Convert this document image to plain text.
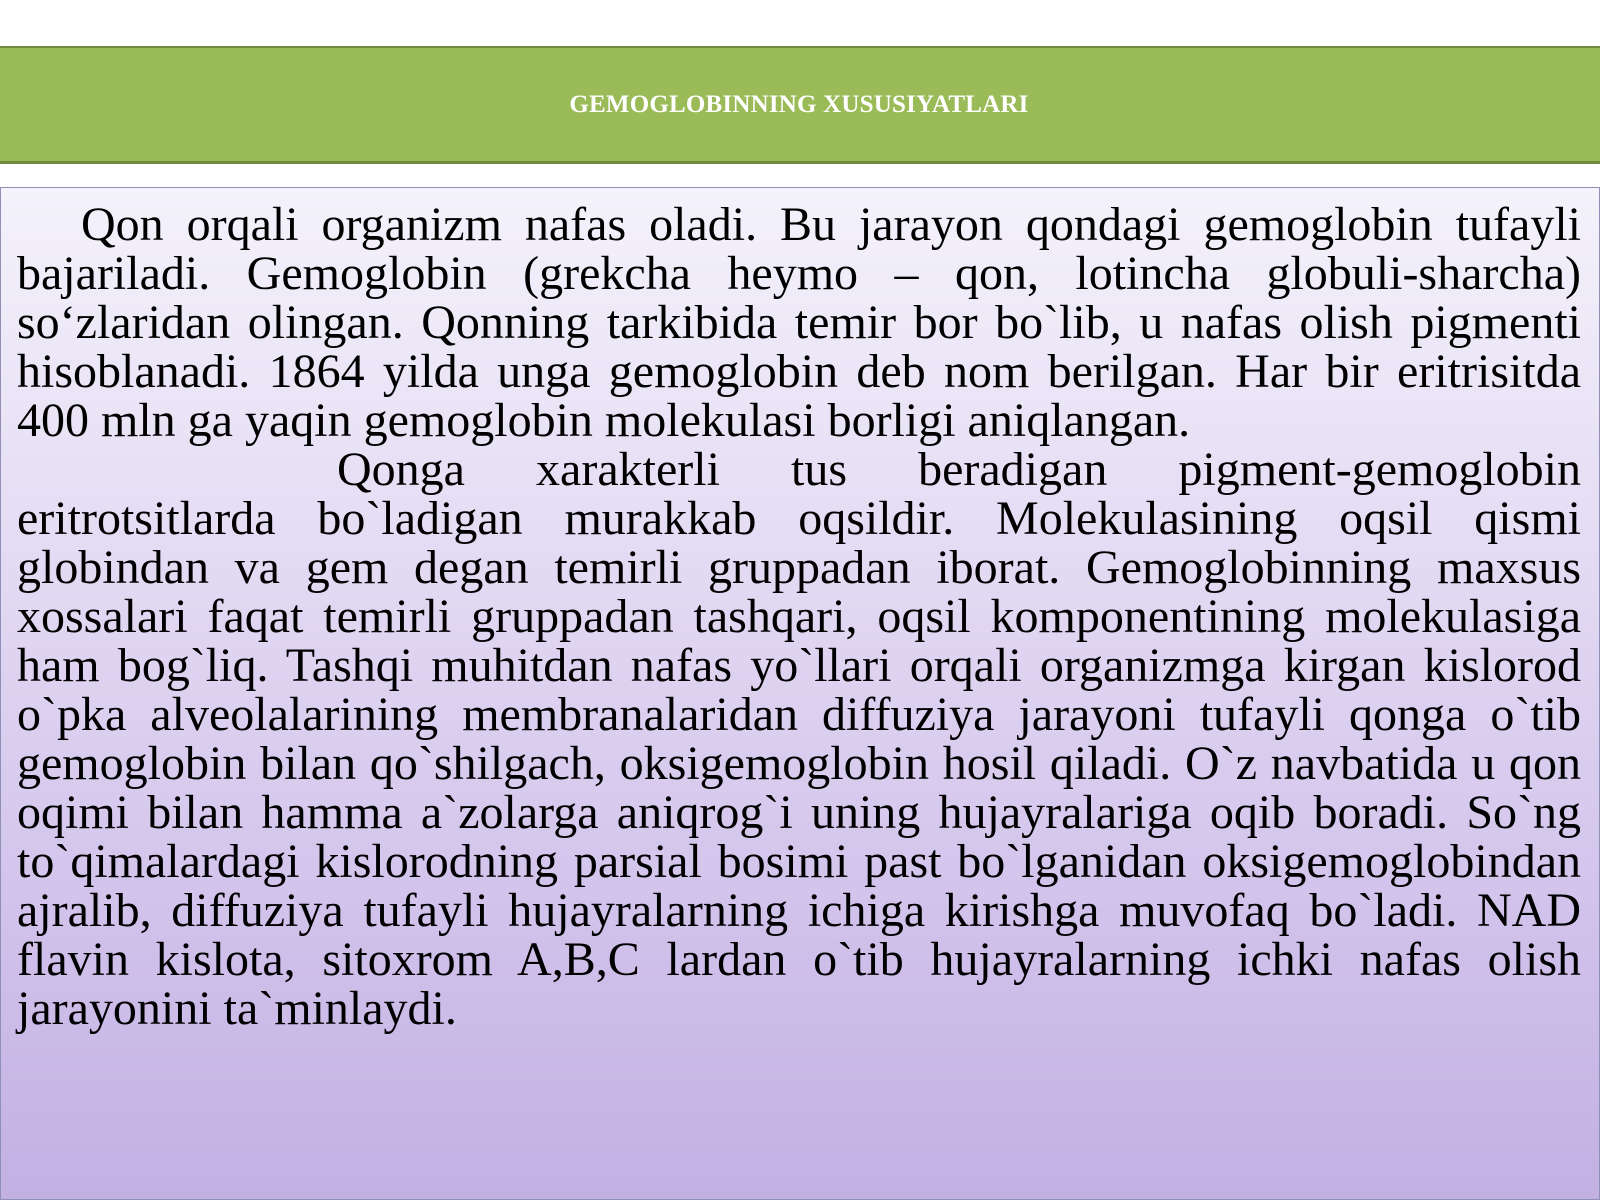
GEMOGLOBINNING XUSUSIYATLARI

Qon orqali organizm nafas oladi. Bu jarayon qondagi gemoglobin tufayli bajariladi. Gemoglobin (grekcha heymo – qon, lotincha globuli-sharcha) so‘zlaridan olingan. Qonning tarkibida temir bor bo`lib, u nafas olish pigmenti hisoblanadi. 1864 yilda unga gemoglobin deb nom berilgan. Har bir eritrisitda 400 mln ga yaqin gemoglobin molekulasi borligi aniqlangan.

Qonga xarakterli tus beradigan pigment-gemoglobin eritrotsitlarda bo`ladigan murakkab oqsildir. Molekulasining oqsil qismi globindan va gem degan temirli gruppadan iborat. Gemoglobinning maxsus xossalari faqat temirli gruppadan tashqari, oqsil komponentining molekulasiga ham bog`liq. Tashqi muhitdan nafas yo`llari orqali organizmga kirgan kislorod o`pka alveolalarining membranalaridan diffuziya jarayoni tufayli qonga o`tib gemoglobin bilan qo`shilgach, oksigemoglobin hosil qiladi. O`z navbatida u qon oqimi bilan hamma a`zolarga aniqrog`i uning hujayralariga oqib boradi. So`ng to`qimalardagi kislorodning parsial bosimi past bo`lganidan oksigemoglobindan ajralib, diffuziya tufayli hujayralarning ichiga kirishga muvofaq bo`ladi. NAD flavin kislota, sitoxrom A,B,C lardan o`tib hujayralarning ichki nafas olish jarayonini ta`minlaydi.
